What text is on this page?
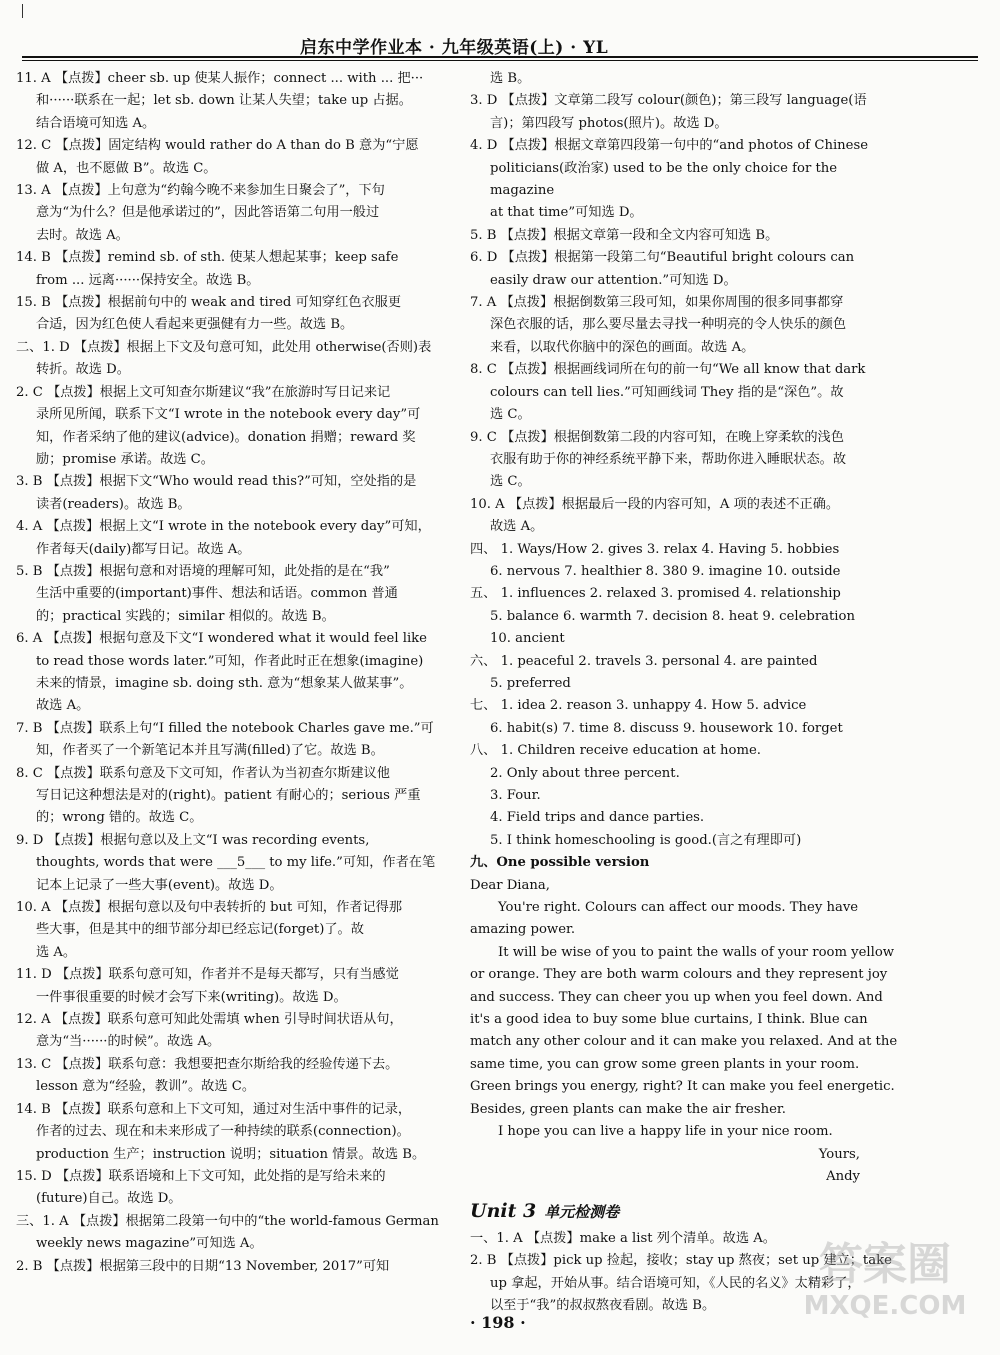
启东中学作业本 · 九年级英语(上) · YL
11. A 【点拨】cheer sb. up 使某人振作；connect ... with ... 把···
和······联系在一起；let sb. down 让某人失望；take up 占据。
结合语境可知选 A。
12. C 【点拨】固定结构 would rather do A than do B 意为“宁愿
做 A，也不愿做 B”。故选 C。
13. A 【点拨】上句意为“约翰今晚不来参加生日聚会了”，下句
意为“为什么？但是他承诺过的”，因此答语第二句用一般过
去时。故选 A。
14. B 【点拨】remind sb. of sth. 使某人想起某事；keep safe
from ... 远离······保持安全。故选 B。
15. B 【点拨】根据前句中的 weak and tired 可知穿红色衣服更
合适，因为红色使人看起来更强健有力一些。故选 B。
二、1. D 【点拨】根据上下文及句意可知，此处用 otherwise(否则)表
转折。故选 D。
2. C 【点拨】根据上文可知查尔斯建议“我”在旅游时写日记来记
录所见所闻，联系下文“I wrote in the notebook every day”可
知，作者采纳了他的建议(advice)。donation 捐赠；reward 奖
励；promise 承诺。故选 C。
3. B 【点拨】根据下文“Who would read this?”可知，空处指的是
读者(readers)。故选 B。
4. A 【点拨】根据上文“I wrote in the notebook every day”可知，
作者每天(daily)都写日记。故选 A。
5. B 【点拨】根据句意和对语境的理解可知，此处指的是在“我”
生活中重要的(important)事件、想法和话语。common 普通
的；practical 实践的；similar 相似的。故选 B。
6. A 【点拨】根据句意及下文“I wondered what it would feel like
to read those words later.”可知，作者此时正在想象(imagine)
未来的情景，imagine sb. doing sth. 意为“想象某人做某事”。
故选 A。
7. B 【点拨】联系上句“I filled the notebook Charles gave me.”可
知，作者买了一个新笔记本并且写满(filled)了它。故选 B。
8. C 【点拨】联系句意及下文可知，作者认为当初查尔斯建议他
写日记这种想法是对的(right)。patient 有耐心的；serious 严重
的；wrong 错的。故选 C。
9. D 【点拨】根据句意以及上文“I was recording events,
thoughts, words that were ___5___ to my life.”可知，作者在笔
记本上记录了一些大事(event)。故选 D。
10. A 【点拨】根据句意以及句中表转折的 but 可知，作者记得那
些大事，但是其中的细节部分却已经忘记(forget)了。故
选 A。
11. D 【点拨】联系句意可知，作者并不是每天都写，只有当感觉
一件事很重要的时候才会写下来(writing)。故选 D。
12. A 【点拨】联系句意可知此处需填 when 引导时间状语从句，
意为“当······的时候”。故选 A。
13. C 【点拨】联系句意：我想要把查尔斯给我的经验传递下去。
lesson 意为“经验，教训”。故选 C。
14. B 【点拨】联系句意和上下文可知，通过对生活中事件的记录，
作者的过去、现在和未来形成了一种持续的联系(connection)。
production 生产；instruction 说明；situation 情景。故选 B。
15. D 【点拨】联系语境和上下文可知，此处指的是写给未来的
(future)自己。故选 D。
三、1. A 【点拨】根据第二段第一句中的“the world-famous German
weekly news magazine”可知选 A。
2. B 【点拨】根据第三段中的日期“13 November, 2017”可知
选 B。
3. D 【点拨】文章第二段写 colour(颜色)；第三段写 language(语
言)；第四段写 photos(照片)。故选 D。
4. D 【点拨】根据文章第四段第一句中的“and photos of Chinese
politicians(政治家) used to be the only choice for the magazine
at that time”可知选 D。
5. B 【点拨】根据文章第一段和全文内容可知选 B。
6. D 【点拨】根据第一段第二句“Beautiful bright colours can
easily draw our attention.”可知选 D。
7. A 【点拨】根据倒数第三段可知，如果你周围的很多同事都穿
深色衣服的话，那么要尽量去寻找一种明亮的令人快乐的颜色
来看，以取代你脑中的深色的画面。故选 A。
8. C 【点拨】根据画线词所在句的前一句“We all know that dark
colours can tell lies.”可知画线词 They 指的是“深色”。故
选 C。
9. C 【点拨】根据倒数第二段的内容可知，在晚上穿柔软的浅色
衣服有助于你的神经系统平静下来，帮助你进入睡眠状态。故
选 C。
10. A 【点拨】根据最后一段的内容可知，A 项的表述不正确。
故选 A。
四、 1. Ways/How 2. gives 3. relax 4. Having 5. hobbies
6. nervous 7. healthier 8. 380 9. imagine 10. outside
五、 1. influences 2. relaxed 3. promised 4. relationship
5. balance 6. warmth 7. decision 8. heat 9. celebration
10. ancient
六、 1. peaceful 2. travels 3. personal 4. are painted
5. preferred
七、 1. idea 2. reason 3. unhappy 4. How 5. advice
6. habit(s) 7. time 8. discuss 9. housework 10. forget
八、 1. Children receive education at home.
2. Only about three percent.
3. Four.
4. Field trips and dance parties.
5. I think homeschooling is good.(言之有理即可)
九、One possible version
Dear Diana,

You're right. Colours can affect our moods. They have amazing power.

It will be wise of you to paint the walls of your room yellow or orange. They are both warm colours and they represent joy and success. They can cheer you up when you feel down. And it's a good idea to buy some blue curtains, I think. Blue can match any other colour and it can make you relaxed. And at the same time, you can grow some green plants in your room. Green brings you energy, right? It can make you feel energetic. Besides, green plants can make the air fresher.

I hope you can live a happy life in your nice room.

Yours,
Andy
Unit 3 单元检测卷
一、1. A 【点拨】make a list 列个清单。故选 A。
2. B 【点拨】pick up 捡起，接收；stay up 熬夜；set up 建立；take
up 拿起，开始从事。结合语境可知，《人民的名义》太精彩了，
以至于“我”的叔叔熬夜看剧。故选 B。
· 198 ·
答案圈
MXQE.COM
